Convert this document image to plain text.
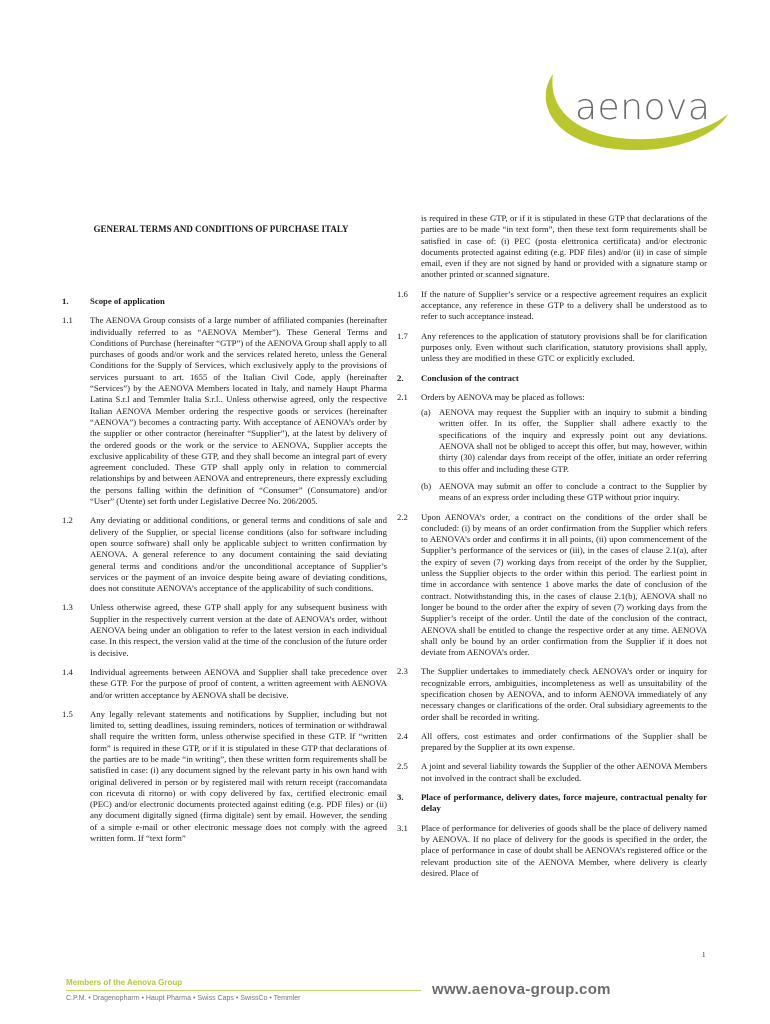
aenova
GENERAL TERMS AND CONDITIONS OF PURCHASE ITALY
1.	Scope of application
1.1	The AENOVA Group consists of a large number of affiliated companies (hereinafter individually referred to as “AENOVA Member”). These General Terms and Conditions of Purchase (hereinafter “GTP”) of the AENOVA Group shall apply to all purchases of goods and/or work and the services related hereto, unless the General Conditions for the Supply of Services, which exclusively apply to the provisions of services pursuant to art. 1655 of the Italian Civil Code, apply (hereinafter “Services”) by the AENOVA Members located in Italy, and namely Haupt Pharma Latina S.r.l and Temmler Italia S.r.l.. Unless otherwise agreed, only the respective Italian AENOVA Member ordering the respective goods or services (hereinafter “AENOVA”) becomes a contracting party. With acceptance of AENOVA’s order by the supplier or other contractor (hereinafter “Supplier”), at the latest by delivery of the ordered goods or the work or the service to AENOVA, Supplier accepts the exclusive applicability of these GTP, and they shall become an integral part of every agreement concluded. These GTP shall apply only in relation to commercial relationships by and between AENOVA and entrepreneurs, there expressly excluding the persons falling within the definition of “Consumer” (Consumatore) and/or “User” (Utente) set forth under Legislative Decree No. 206/2005.
1.2	Any deviating or additional conditions, or general terms and conditions of sale and delivery of the Supplier, or special license conditions (also for software including open source software) shall only be applicable subject to written confirmation by AENOVA. A general reference to any document containing the said deviating general terms and conditions and/or the unconditional acceptance of Supplier’s services or the payment of an invoice despite being aware of deviating conditions, does not constitute AENOVA’s acceptance of the applicability of such conditions.
1.3	Unless otherwise agreed, these GTP shall apply for any subsequent business with Supplier in the respectively current version at the date of AENOVA’s order, without AENOVA being under an obligation to refer to the latest version in each individual case. In this respect, the version valid at the time of the conclusion of the future order is decisive.
1.4	Individual agreements between AENOVA and Supplier shall take precedence over these GTP. For the purpose of proof of content, a written agreement with AENOVA and/or written acceptance by AENOVA shall be decisive.
1.5	Any legally relevant statements and notifications by Supplier, including but not limited to, setting deadlines, issuing reminders, notices of termination or withdrawal shall require the written form, unless otherwise specified in these GTP. If “written form” is required in these GTP, or if it is stipulated in these GTP that declarations of the parties are to be made “in writing”, then these written form requirements shall be satisfied in case: (i) any document signed by the relevant party in his own hand with original delivered in person or by registered mail with return receipt (raccomandata con ricevuta di ritorno) or with copy delivered by fax, certified electronic email (PEC) and/or electronic documents protected against editing (e.g. PDF files) or (ii) any document digitally signed (firma digitale) sent by email. However, the sending of a simple e-mail or other electronic message does not comply with the agreed written form. If “text form”
is required in these GTP, or if it is stipulated in these GTP that declarations of the parties are to be made “in text form”, then these text form requirements shall be satisfied in case of: (i) PEC (posta elettronica certificata) and/or electronic documents protected against editing (e.g. PDF files) and/or (ii) in case of simple email, even if they are not signed by hand or provided with a signature stamp or another printed or scanned signature.
1.6	If the nature of Supplier’s service or a respective agreement requires an explicit acceptance, any reference in these GTP to a delivery shall be understood as to refer to such acceptance instead.
1.7	Any references to the application of statutory provisions shall be for clarification purposes only. Even without such clarification, statutory provisions shall apply, unless they are modified in these GTC or explicitly excluded.
2.	Conclusion of the contract
2.1	Orders by AENOVA may be placed as follows:
(a) AENOVA may request the Supplier with an inquiry to submit a binding written offer. In its offer, the Supplier shall adhere exactly to the specifications of the inquiry and expressly point out any deviations. AENOVA shall not be obliged to accept this offer, but may, however, within thirty (30) calendar days from receipt of the offer, initiate an order referring to this offer and including these GTP.
(b) AENOVA may submit an offer to conclude a contract to the Supplier by means of an express order including these GTP without prior inquiry.
2.2	Upon AENOVA’s order, a contract on the conditions of the order shall be concluded: (i) by means of an order confirmation from the Supplier which refers to AENOVA’s order and confirms it in all points, (ii) upon commencement of the Supplier’s performance of the services or (iii), in the cases of clause 2.1(a), after the expiry of seven (7) working days from receipt of the order by the Supplier, unless the Supplier objects to the order within this period. The earliest point in time in accordance with sentence 1 above marks the date of conclusion of the contract. Notwithstanding this, in the cases of clause 2.1(b), AENOVA shall no longer be bound to the order after the expiry of seven (7) working days from the Supplier’s receipt of the order. Until the date of the conclusion of the contract, AENOVA shall be entitled to change the respective order at any time. AENOVA shall only be bound by an order confirmation from the Supplier if it does not deviate from AENOVA’s order.
2.3	The Supplier undertakes to immediately check AENOVA’s order or inquiry for recognizable errors, ambiguities, incompleteness as well as unsuitability of the specification chosen by AENOVA, and to inform AENOVA immediately of any necessary changes or clarifications of the order. Oral subsidiary agreements to the order shall be recorded in writing.
2.4	All offers, cost estimates and order confirmations of the Supplier shall be prepared by the Supplier at its own expense.
2.5	A joint and several liability towards the Supplier of the other AENOVA Members not involved in the contract shall be excluded.
3.	Place of performance, delivery dates, force majeure, contractual penalty for delay
3.1	Place of performance for deliveries of goods shall be the place of delivery named by AENOVA. If no place of delivery for the goods is specified in the order, the place of performance in case of doubt shall be AENOVA’s registered office or the relevant production site of the AENOVA Member, where delivery is clearly desired. Place of
1
Members of the Aenova Group
C.P.M. • Dragenopharm • Haupt Pharma • Swiss Caps • SwissCo • Temmler
www.aenova-group.com
